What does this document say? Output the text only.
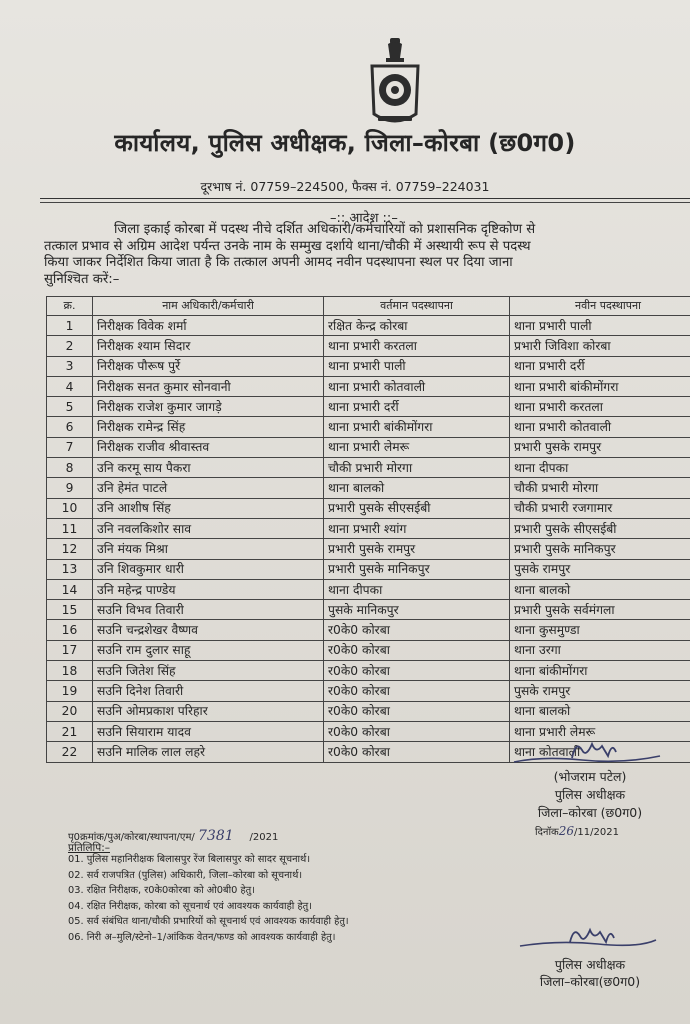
कार्यालय, पुलिस अधीक्षक, जिला–कोरबा (छ0ग0)
दूरभाष नं. 07759–224500, फैक्स नं. 07759–224031
–:: आदेश ::–

जिला इकाई कोरबा में पदस्थ नीचे दर्शित अधिकारी/कर्मचारियों को प्रशासनिक दृष्टिकोण से

तत्काल प्रभाव से अग्रिम आदेश पर्यन्त उनके नाम के सम्मुख दर्शाये थाना/चौकी में अस्थायी रूप से पदस्थ

किया जाकर निर्देशित किया जाता है कि तत्काल अपनी आमद नवीन पदस्थापना स्थल पर दिया जाना

सुनिश्चित करें:–

क्र.	नाम अधिकारी/कर्मचारी	वर्तमान पदस्थापना	नवीन पदस्थापना
1	निरीक्षक विवेक शर्मा	रक्षित केन्द्र कोरबा	थाना प्रभारी पाली
2	निरीक्षक श्याम सिदार	थाना प्रभारी करतला	प्रभारी जिविशा कोरबा
3	निरीक्षक पौरूष पुर्रे	थाना प्रभारी पाली	थाना प्रभारी दर्री
4	निरीक्षक सनत कुमार सोनवानी	थाना प्रभारी कोतवाली	थाना प्रभारी बांकीमोंगरा
5	निरीक्षक राजेश कुमार जागड़े	थाना प्रभारी दर्री	थाना प्रभारी करतला
6	निरीक्षक रामेन्द्र सिंह	थाना प्रभारी बांकीमोंगरा	थाना प्रभारी कोतवाली
7	निरीक्षक राजीव श्रीवास्तव	थाना प्रभारी लेमरू	प्रभारी पुसके रामपुर
8	उनि करमू साय पैकरा	चौकी प्रभारी मोरगा	थाना दीपका
9	उनि हेमंत पाटले	थाना बालको	चौकी प्रभारी मोरगा
10	उनि आशीष सिंह	प्रभारी पुसके सीएसईबी	चौकी प्रभारी रजगामार
11	उनि नवलकिशोर साव	थाना प्रभारी श्यांग	प्रभारी पुसके सीएसईबी
12	उनि मंयक मिश्रा	प्रभारी पुसके रामपुर	प्रभारी पुसके मानिकपुर
13	उनि शिवकुमार धारी	प्रभारी पुसके मानिकपुर	पुसके रामपुर
14	उनि महेन्द्र पाण्डेय	थाना दीपका	थाना बालको
15	सउनि विभव तिवारी	पुसके मानिकपुर	प्रभारी पुसके सर्वमंगला
16	सउनि चन्द्रशेखर वैष्णव	र0के0 कोरबा	थाना कुसमुण्डा
17	सउनि राम दुलार साहू	र0के0 कोरबा	थाना उरगा
18	सउनि जितेश सिंह	र0के0 कोरबा	थाना बांकीमोंगरा
19	सउनि दिनेश तिवारी	र0के0 कोरबा	पुसके रामपुर
20	सउनि ओमप्रकाश परिहार	र0के0 कोरबा	थाना बालको
21	सउनि सियाराम यादव	र0के0 कोरबा	थाना प्रभारी लेमरू
22	सउनि मालिक लाल लहरे	र0के0 कोरबा	थाना कोतवाली
(भोजराम पटेल)
पुलिस अधीक्षक
जिला–कोरबा (छ0ग0)
पृ0क्रमांक/पुअ/कोरबा/स्थापना/एम/ 7381 /2021	दिनॉक26/11/2021
प्रतिलिपि:–
01. पुलिस महानिरीक्षक बिलासपुर रेंज बिलासपुर को सादर सूचनार्थ।
02. सर्व राजपत्रित (पुलिस) अधिकारी, जिला–कोरबा को सूचनार्थ।
03. रक्षित निरीक्षक, र0के0कोरबा को ओ0बी0 हेतु।
04. रक्षित निरीक्षक, कोरबा को सूचनार्थ एवं आवश्यक कार्यवाही हेतु।
05. सर्व संबंधित थाना/चौकी प्रभारियों को सूचनार्थ एवं आवश्यक कार्यवाही हेतु।
06. निरी अ–मुलि/स्टेनो–1/आंकिक वेतन/फण्ड को आवश्यक कार्यवाही हेतु।
पुलिस अधीक्षक
जिला–कोरबा(छ0ग0)
